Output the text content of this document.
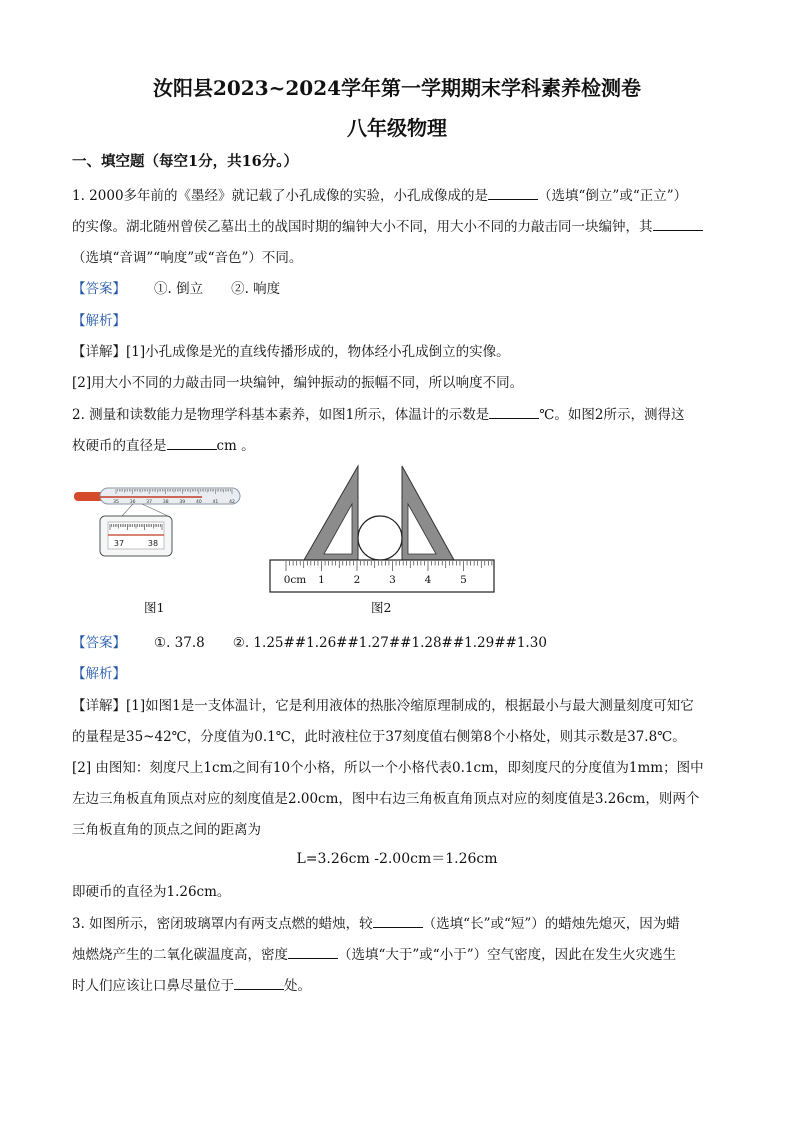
汝阳县2023~2024学年第一学期期末学科素养检测卷
八年级物理
一、填空题（每空1分，共16分。）
1. 2000多年前的《墨经》就记载了小孔成像的实验，小孔成像成的是	（选填“倒立”或“正立”）
的实像。湖北随州曾侯乙墓出土的战国时期的编钟大小不同，用大小不同的力敲击同一块编钟，其
（选填“音调”“响度”或“音色”）不同。
【答案】 ①. 倒立 ②. 响度
【解析】
【详解】[1]小孔成像是光的直线传播形成的，物体经小孔成倒立的实像。
[2]用大小不同的力敲击同一块编钟，编钟振动的振幅不同，所以响度不同。
2. 测量和读数能力是物理学科基本素养，如图1所示，体温计的示数是	℃。如图2所示，测得这
枚硬币的直径是	cm 。
35 36 37 38 39 40 41 42
37	38
图1
0cm 1	2	3	4	5
图2
【答案】 ①. 37.8 ②. 1.25##1.26##1.27##1.28##1.29##1.30
【解析】
【详解】[1]如图1是一支体温计，它是利用液体的热胀冷缩原理制成的，根据最小与最大测量刻度可知它
的量程是35~42℃，分度值为0.1℃，此时液柱位于37刻度值右侧第8个小格处，则其示数是37.8℃。
[2] 由图知：刻度尺上1cm之间有10个小格，所以一个小格代表0.1cm，即刻度尺的分度值为1mm；图中
左边三角板直角顶点对应的刻度值是2.00cm，图中右边三角板直角顶点对应的刻度值是3.26cm，则两个
三角板直角的顶点之间的距离为
L=3.26cm -2.00cm＝1.26cm
即硬币的直径为1.26cm。
3. 如图所示，密闭玻璃罩内有两支点燃的蜡烛，较	（选填“长”或“短”）的蜡烛先熄灭，因为蜡
烛燃烧产生的二氧化碳温度高，密度	（选填“大于”或“小于”）空气密度，因此在发生火灾逃生
时人们应该让口鼻尽量位于	处。
